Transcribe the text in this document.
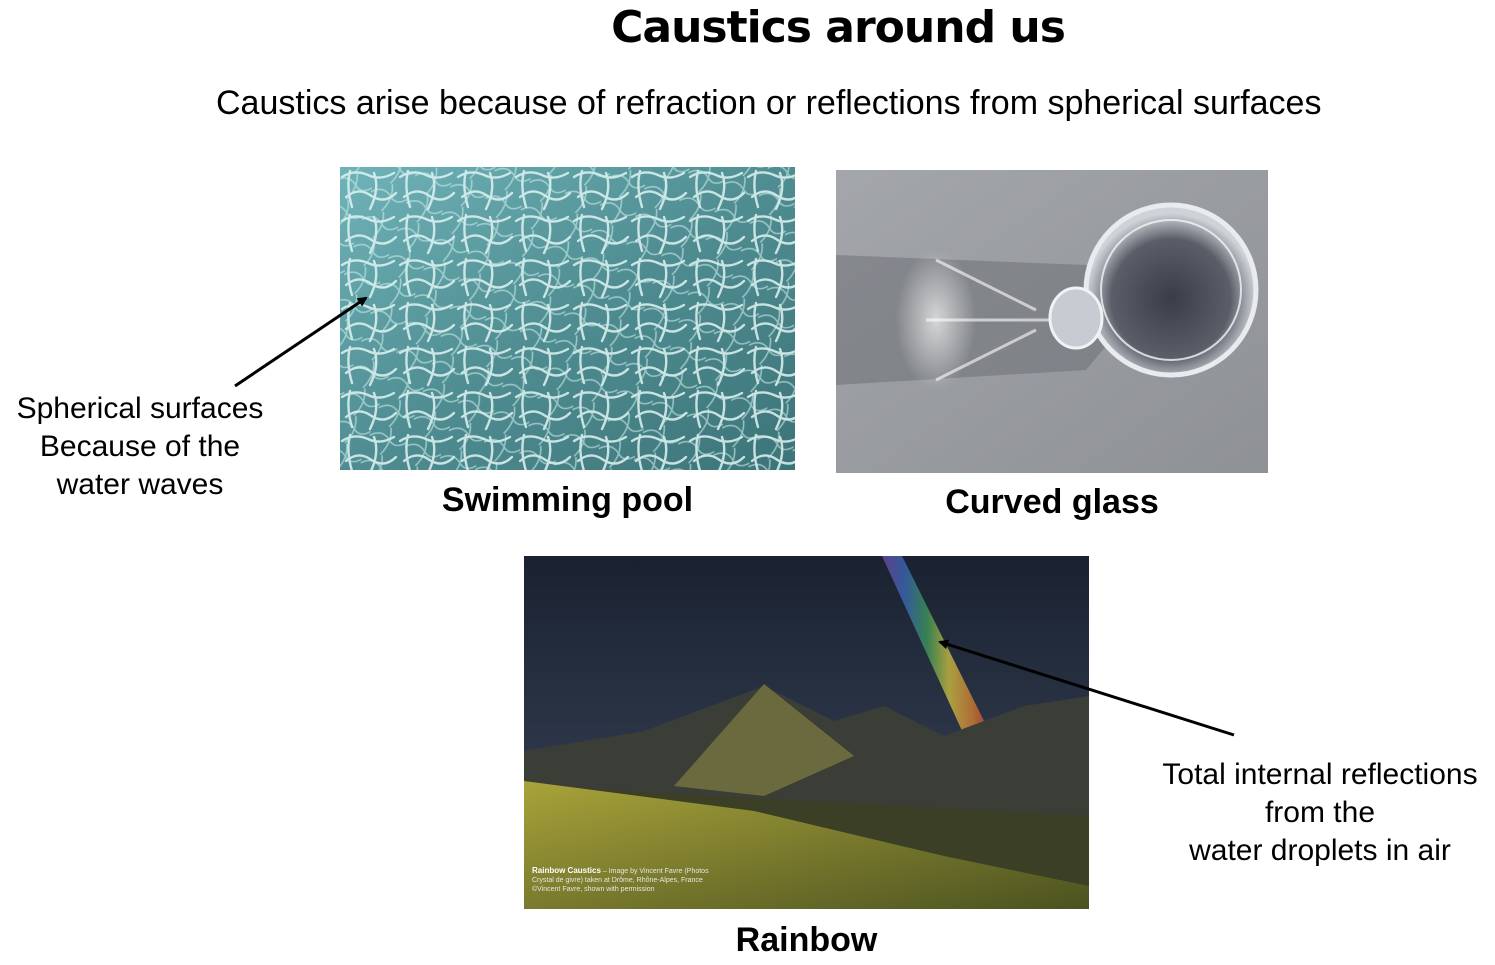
Caustics around us
Caustics arise because of refraction or reflections from spherical surfaces
Rainbow Caustics – Image by Vincent Favre (Photos Crystal de givre) taken at Drôme, Rhône-Alpes, France ©Vincent Favre, shown with permission
Swimming pool	Curved glass
Rainbow
Spherical surfaces
Because of the
water waves
Total internal reflections
from the
water droplets in air
